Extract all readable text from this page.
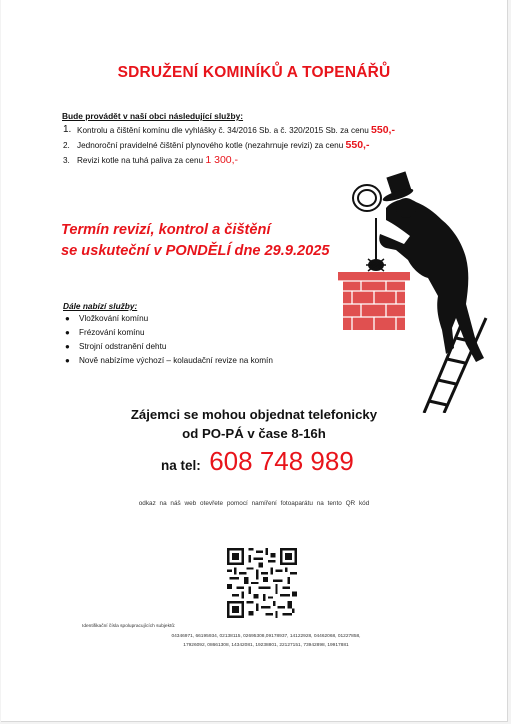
SDRUŽENÍ KOMINÍKŮ A TOPENÁŘŮ
Bude provádět v naší obci následující služby:
1. Kontrolu a čištění komínu dle vyhlášky č. 34/2016 Sb. a č. 320/2015 Sb. za cenu 550,-
2. Jednoroční pravidelné čištění plynového kotle (nezahrnuje revizi) za cenu 550,-
3. Revizi kotle na tuhá paliva za cenu 1 300,-
Termín revizí, kontrol a čištění
se uskuteční v PONDĚLÍ dne 29.9.2025
Dále nabízí služby:
● Vložkování komínu
● Frézování komínu
● Strojní odstranění dehtu
● Nově nabízíme výchozí – kolaudační revize na komín
Zájemci se mohou objednat telefonicky
od PO-PÁ v čase 8-16h
na tel: 608 748 989
odkaz na náš web otevřete pomocí namíření fotoaparátu na tento QR kód
Identifikační čísla spolupracujících subjektů:
04346971, 66195934, 02138115, 02695308,09178937, 14122928, 04462068, 01227858,
17926092, 08661308, 14342081, 19238801, 22127151, 73942898, 19917881
